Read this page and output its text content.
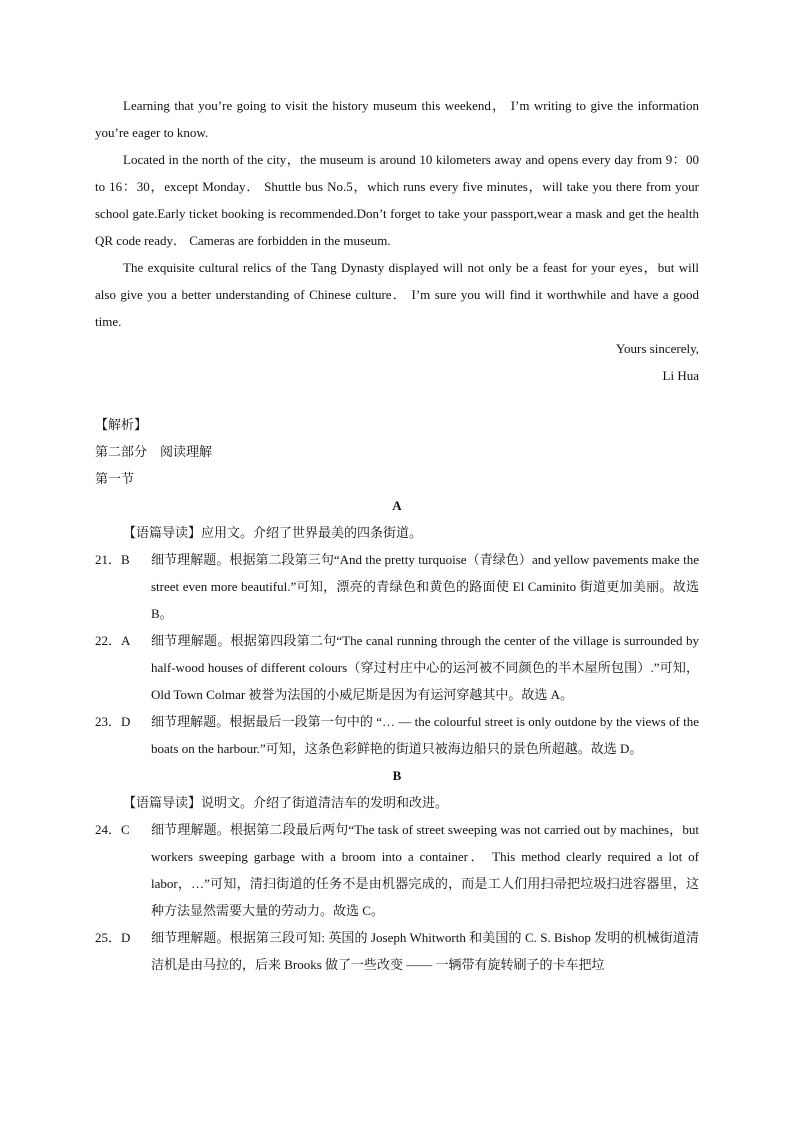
Learning that you’re going to visit the history museum this weekend， I’m writing to give the information you’re eager to know.

Located in the north of the city，the museum is around 10 kilometers away and opens every day from 9：00 to 16：30，except Monday． Shuttle bus No.5，which runs every five minutes，will take you there from your school gate.Early ticket booking is recommended.Don’t forget to take your passport,wear a mask and get the health QR code ready． Cameras are forbidden in the museum.

The exquisite cultural relics of the Tang Dynasty displayed will not only be a feast for your eyes，but will also give you a better understanding of Chinese culture． I’m sure you will find it worthwhile and have a good time.

Yours sincerely,

Li Hua

【解析】

第二部分　阅读理解

第一节

A

【语篇导读】应用文。介绍了世界最美的四条街道。

21．B	细节理解题。根据第二段第三句“And the pretty turquoise（青绿色）and yellow pavements make the street even more beautiful.”可知，漂亮的青绿色和黄色的路面使 El Caminito 街道更加美丽。故选 B。
22．A	细节理解题。根据第四段第二句“The canal running through the center of the village is surrounded by half-wood houses of different colours（穿过村庄中心的运河被不同颜色的半木屋所包围）.”可知，Old Town Colmar 被誉为法国的小威尼斯是因为有运河穿越其中。故选 A。
23．D	细节理解题。根据最后一段第一句中的 “… — the colourful street is only outdone by the views of the boats on the harbour.”可知，这条色彩鲜艳的街道只被海边船只的景色所超越。故选 D。

B

【语篇导读】说明文。介绍了街道清洁车的发明和改进。

24．C	细节理解题。根据第二段最后两句“The task of street sweeping was not carried out by machines，but workers sweeping garbage with a broom into a container． This method clearly required a lot of labor，…”可知，清扫街道的任务不是由机器完成的，而是工人们用扫帚把垃圾扫进容器里，这种方法显然需要大量的劳动力。故选 C。
25．D	细节理解题。根据第三段可知: 英国的 Joseph Whitworth 和美国的 C. S. Bishop 发明的机械街道清洁机是由马拉的，后来 Brooks 做了一些改变 —— 一辆带有旋转刷子的卡车把垃
